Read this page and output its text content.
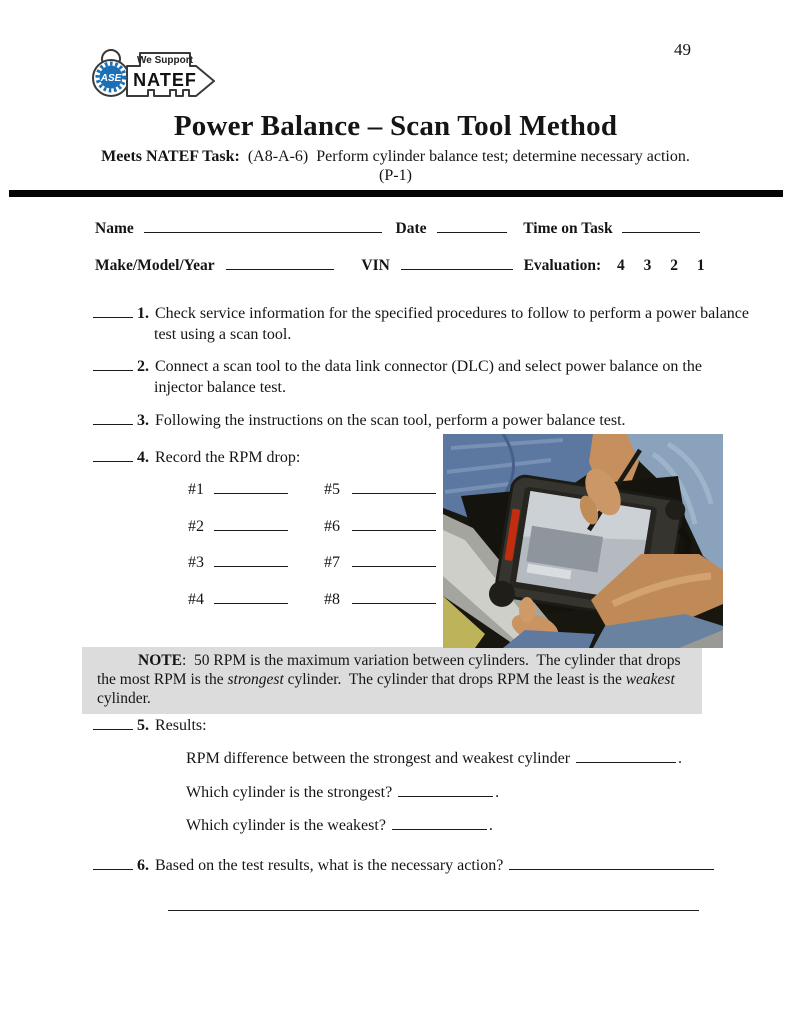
49
ASE
We Support
NATEF
Power Balance – Scan Tool Method
Meets NATEF Task: (A8-A-6)  Perform cylinder balance test; determine necessary action.
(P-1)
Name	Date	Time on Task
Make/Model/Year	VIN	Evaluation: 4 3 2 1
1. Check service information for the specified procedures to follow to perform a power balance test using a scan tool.
2. Connect a scan tool to the data link connector (DLC) and select power balance on the injector balance test.
3. Following the instructions on the scan tool, perform a power balance test.
4. Record the RPM drop:
#1	#5
#2	#6
#3	#7
#4	#8
NOTE:  50 RPM is the maximum variation between cylinders.  The cylinder that drops the most RPM is the strongest cylinder.  The cylinder that drops RPM the least is the weakest cylinder.
5. Results:
RPM difference between the strongest and weakest cylinder	.
Which cylinder is the strongest?	.
Which cylinder is the weakest?	.
6. Based on the test results, what is the necessary action?
